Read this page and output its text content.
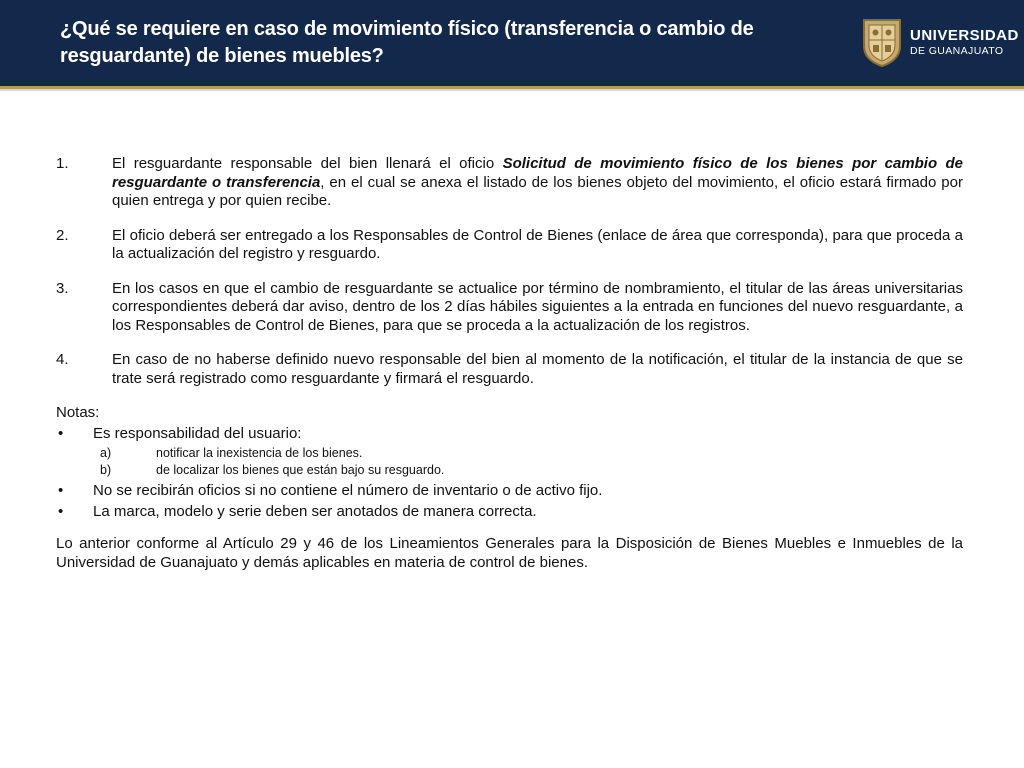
¿Qué se requiere en caso de movimiento físico (transferencia o cambio de resguardante) de bienes muebles?
UNIVERSIDAD
DE GUANAJUATO
1.	El resguardante responsable del bien llenará el oficio Solicitud de movimiento físico de los bienes por cambio de resguardante o transferencia, en el cual se anexa el listado de los bienes objeto del movimiento, el oficio estará firmado por quien entrega y por quien recibe.
2.	El oficio deberá ser entregado a los Responsables de Control de Bienes (enlace de área que corresponda), para que proceda a la actualización del registro y resguardo.
3.	En los casos en que el cambio de resguardante se actualice por término de nombramiento, el titular de las áreas universitarias correspondientes deberá dar aviso, dentro de los 2 días hábiles siguientes a la entrada en funciones del nuevo resguardante, a los Responsables de Control de Bienes, para que se proceda a la actualización de los registros.
4.	En caso de no haberse definido nuevo responsable del bien al momento de la notificación, el titular de la instancia de que se trate será registrado como resguardante y firmará el resguardo.
Notas:
• Es responsabilidad del usuario:
a)	notificar la inexistencia de los bienes.
b)	de localizar los bienes que están bajo su resguardo.
• No se recibirán oficios si no contiene el número de inventario o de activo fijo.
• La marca, modelo y serie deben ser anotados de manera correcta.
Lo anterior conforme al Artículo 29 y 46 de los Lineamientos Generales para la Disposición de Bienes Muebles e Inmuebles de la Universidad de Guanajuato y demás aplicables en materia de control de bienes.
